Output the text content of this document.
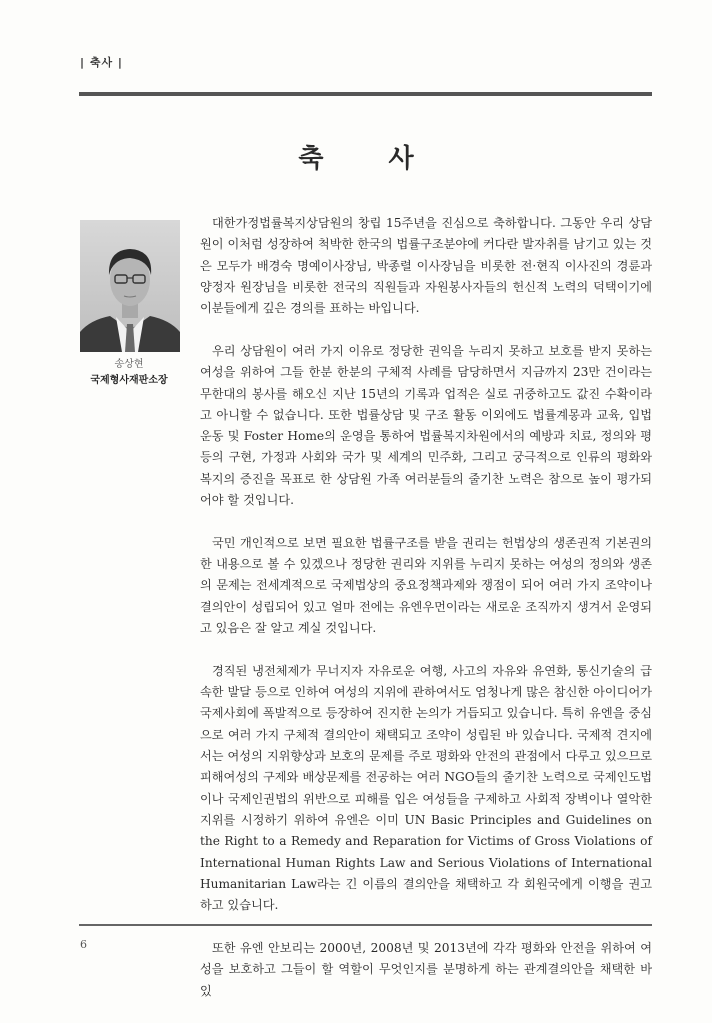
| 축사 |
축 사
송상현
국제형사재판소장

대한가정법률복지상담원의 창립 15주년을 진심으로 축하합니다. 그동안 우리 상담원이 이처럼 성장하여 척박한 한국의 법률구조분야에 커다란 발자취를 남기고 있는 것은 모두가 배경숙 명예이사장님, 박종렬 이사장님을 비롯한 전·현직 이사진의 경륜과 양정자 원장님을 비롯한 전국의 직원들과 자원봉사자들의 헌신적 노력의 덕택이기에 이분들에게 깊은 경의를 표하는 바입니다.

우리 상담원이 여러 가지 이유로 정당한 권익을 누리지 못하고 보호를 받지 못하는 여성을 위하여 그들 한분 한분의 구체적 사례를 담당하면서 지금까지 23만 건이라는 무한대의 봉사를 해오신 지난 15년의 기록과 업적은 실로 귀중하고도 값진 수확이라고 아니할 수 없습니다. 또한 법률상담 및 구조 활동 이외에도 법률계몽과 교육, 입법운동 및 Foster Home의 운영을 통하여 법률복지차원에서의 예방과 치료, 정의와 평등의 구현, 가정과 사회와 국가 및 세계의 민주화, 그리고 궁극적으로 인류의 평화와 복지의 증진을 목표로 한 상담원 가족 여러분들의 줄기찬 노력은 참으로 높이 평가되어야 할 것입니다.

국민 개인적으로 보면 필요한 법률구조를 받을 권리는 헌법상의 생존권적 기본권의 한 내용으로 볼 수 있겠으나 정당한 권리와 지위를 누리지 못하는 여성의 정의와 생존의 문제는 전세계적으로 국제법상의 중요정책과제와 쟁점이 되어 여러 가지 조약이나 결의안이 성립되어 있고 얼마 전에는 유엔우먼이라는 새로운 조직까지 생겨서 운영되고 있음은 잘 알고 계실 것입니다.

경직된 냉전체제가 무너지자 자유로운 여행, 사고의 자유와 유연화, 통신기술의 급속한 발달 등으로 인하여 여성의 지위에 관하여서도 엄청나게 많은 참신한 아이디어가 국제사회에 폭발적으로 등장하여 진지한 논의가 거듭되고 있습니다. 특히 유엔을 중심으로 여러 가지 구체적 결의안이 채택되고 조약이 성립된 바 있습니다. 국제적 견지에서는 여성의 지위향상과 보호의 문제를 주로 평화와 안전의 관점에서 다루고 있으므로 피해여성의 구제와 배상문제를 전공하는 여러 NGO들의 줄기찬 노력으로 국제인도법이나 국제인권법의 위반으로 피해를 입은 여성들을 구제하고 사회적 장벽이나 열악한 지위를 시정하기 위하여 유엔은 이미 UN Basic Principles and Guidelines on the Right to a Remedy and Reparation for Victims of Gross Violations of International Human Rights Law and Serious Violations of International Humanitarian Law라는 긴 이름의 결의안을 채택하고 각 회원국에게 이행을 권고하고 있습니다.

또한 유엔 안보리는 2000년, 2008년 및 2013년에 각각 평화와 안전을 위하여 여성을 보호하고 그들이 할 역할이 무엇인지를 분명하게 하는 관계결의안을 채택한 바 있

6
